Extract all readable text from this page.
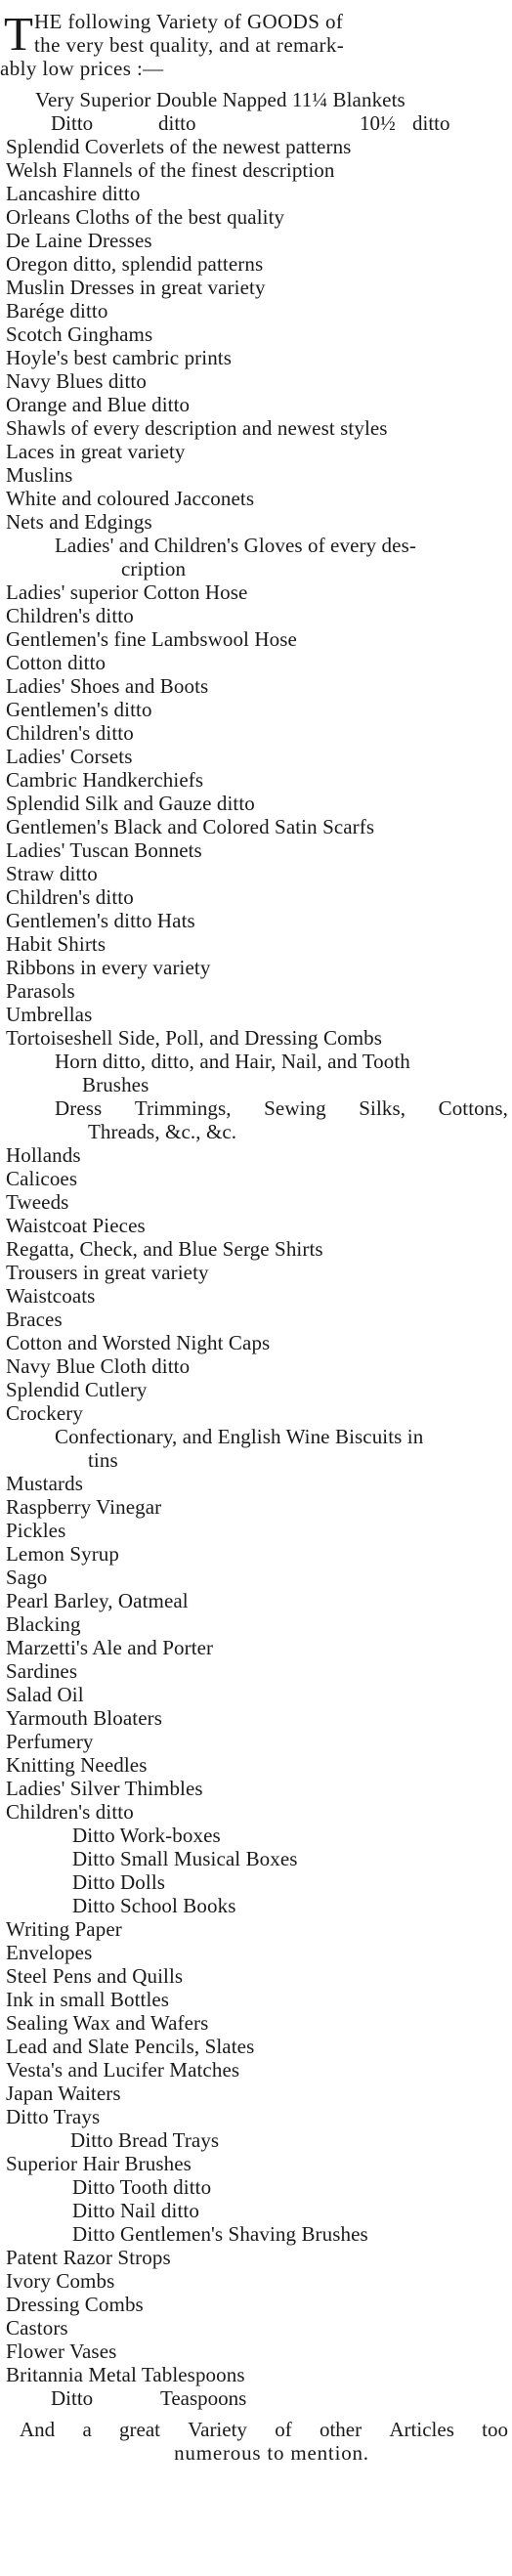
T HE following Variety of GOODS of
the very best quality, and at remark-
ably low prices :—
Very Superior Double Napped 11¼ Blankets
Ditto	ditto	10½ ditto
Splendid Coverlets of the newest patterns
Welsh Flannels of the finest description
Lancashire ditto
Orleans Cloths of the best quality
De Laine Dresses
Oregon ditto, splendid patterns
Muslin Dresses in great variety
Barége ditto
Scotch Ginghams
Hoyle's best cambric prints
Navy Blues ditto
Orange and Blue ditto
Shawls of every description and newest styles
Laces in great variety
Muslins
White and coloured Jacconets
Nets and Edgings
Ladies' and Children's Gloves of every des-
cription
Ladies' superior Cotton Hose
Children's ditto
Gentlemen's fine Lambswool Hose
Cotton ditto
Ladies' Shoes and Boots
Gentlemen's ditto
Children's ditto
Ladies' Corsets
Cambric Handkerchiefs
Splendid Silk and Gauze ditto
Gentlemen's Black and Colored Satin Scarfs
Ladies' Tuscan Bonnets
Straw ditto
Children's ditto
Gentlemen's ditto Hats
Habit Shirts
Ribbons in every variety
Parasols
Umbrellas
Tortoiseshell Side, Poll, and Dressing Combs
Horn ditto, ditto, and Hair, Nail, and Tooth
Brushes
Dress Trimmings, Sewing Silks, Cottons,
Threads, &c., &c.
Hollands
Calicoes
Tweeds
Waistcoat Pieces
Regatta, Check, and Blue Serge Shirts
Trousers in great variety
Waistcoats
Braces
Cotton and Worsted Night Caps
Navy Blue Cloth ditto
Splendid Cutlery
Crockery
Confectionary, and English Wine Biscuits in
tins
Mustards
Raspberry Vinegar
Pickles
Lemon Syrup
Sago
Pearl Barley, Oatmeal
Blacking
Marzetti's Ale and Porter
Sardines
Salad Oil
Yarmouth Bloaters
Perfumery
Knitting Needles
Ladies' Silver Thimbles
Children's ditto
Ditto Work-boxes
Ditto Small Musical Boxes
Ditto Dolls
Ditto School Books
Writing Paper
Envelopes
Steel Pens and Quills
Ink in small Bottles
Sealing Wax and Wafers
Lead and Slate Pencils, Slates
Vesta's and Lucifer Matches
Japan Waiters
Ditto Trays
Ditto Bread Trays
Superior Hair Brushes
Ditto Tooth ditto
Ditto Nail ditto
Ditto Gentlemen's Shaving Brushes
Patent Razor Strops
Ivory Combs
Dressing Combs
Castors
Flower Vases
Britannia Metal Tablespoons
Ditto	Teaspoons
And a great Variety of other Articles too
numerous to mention.
